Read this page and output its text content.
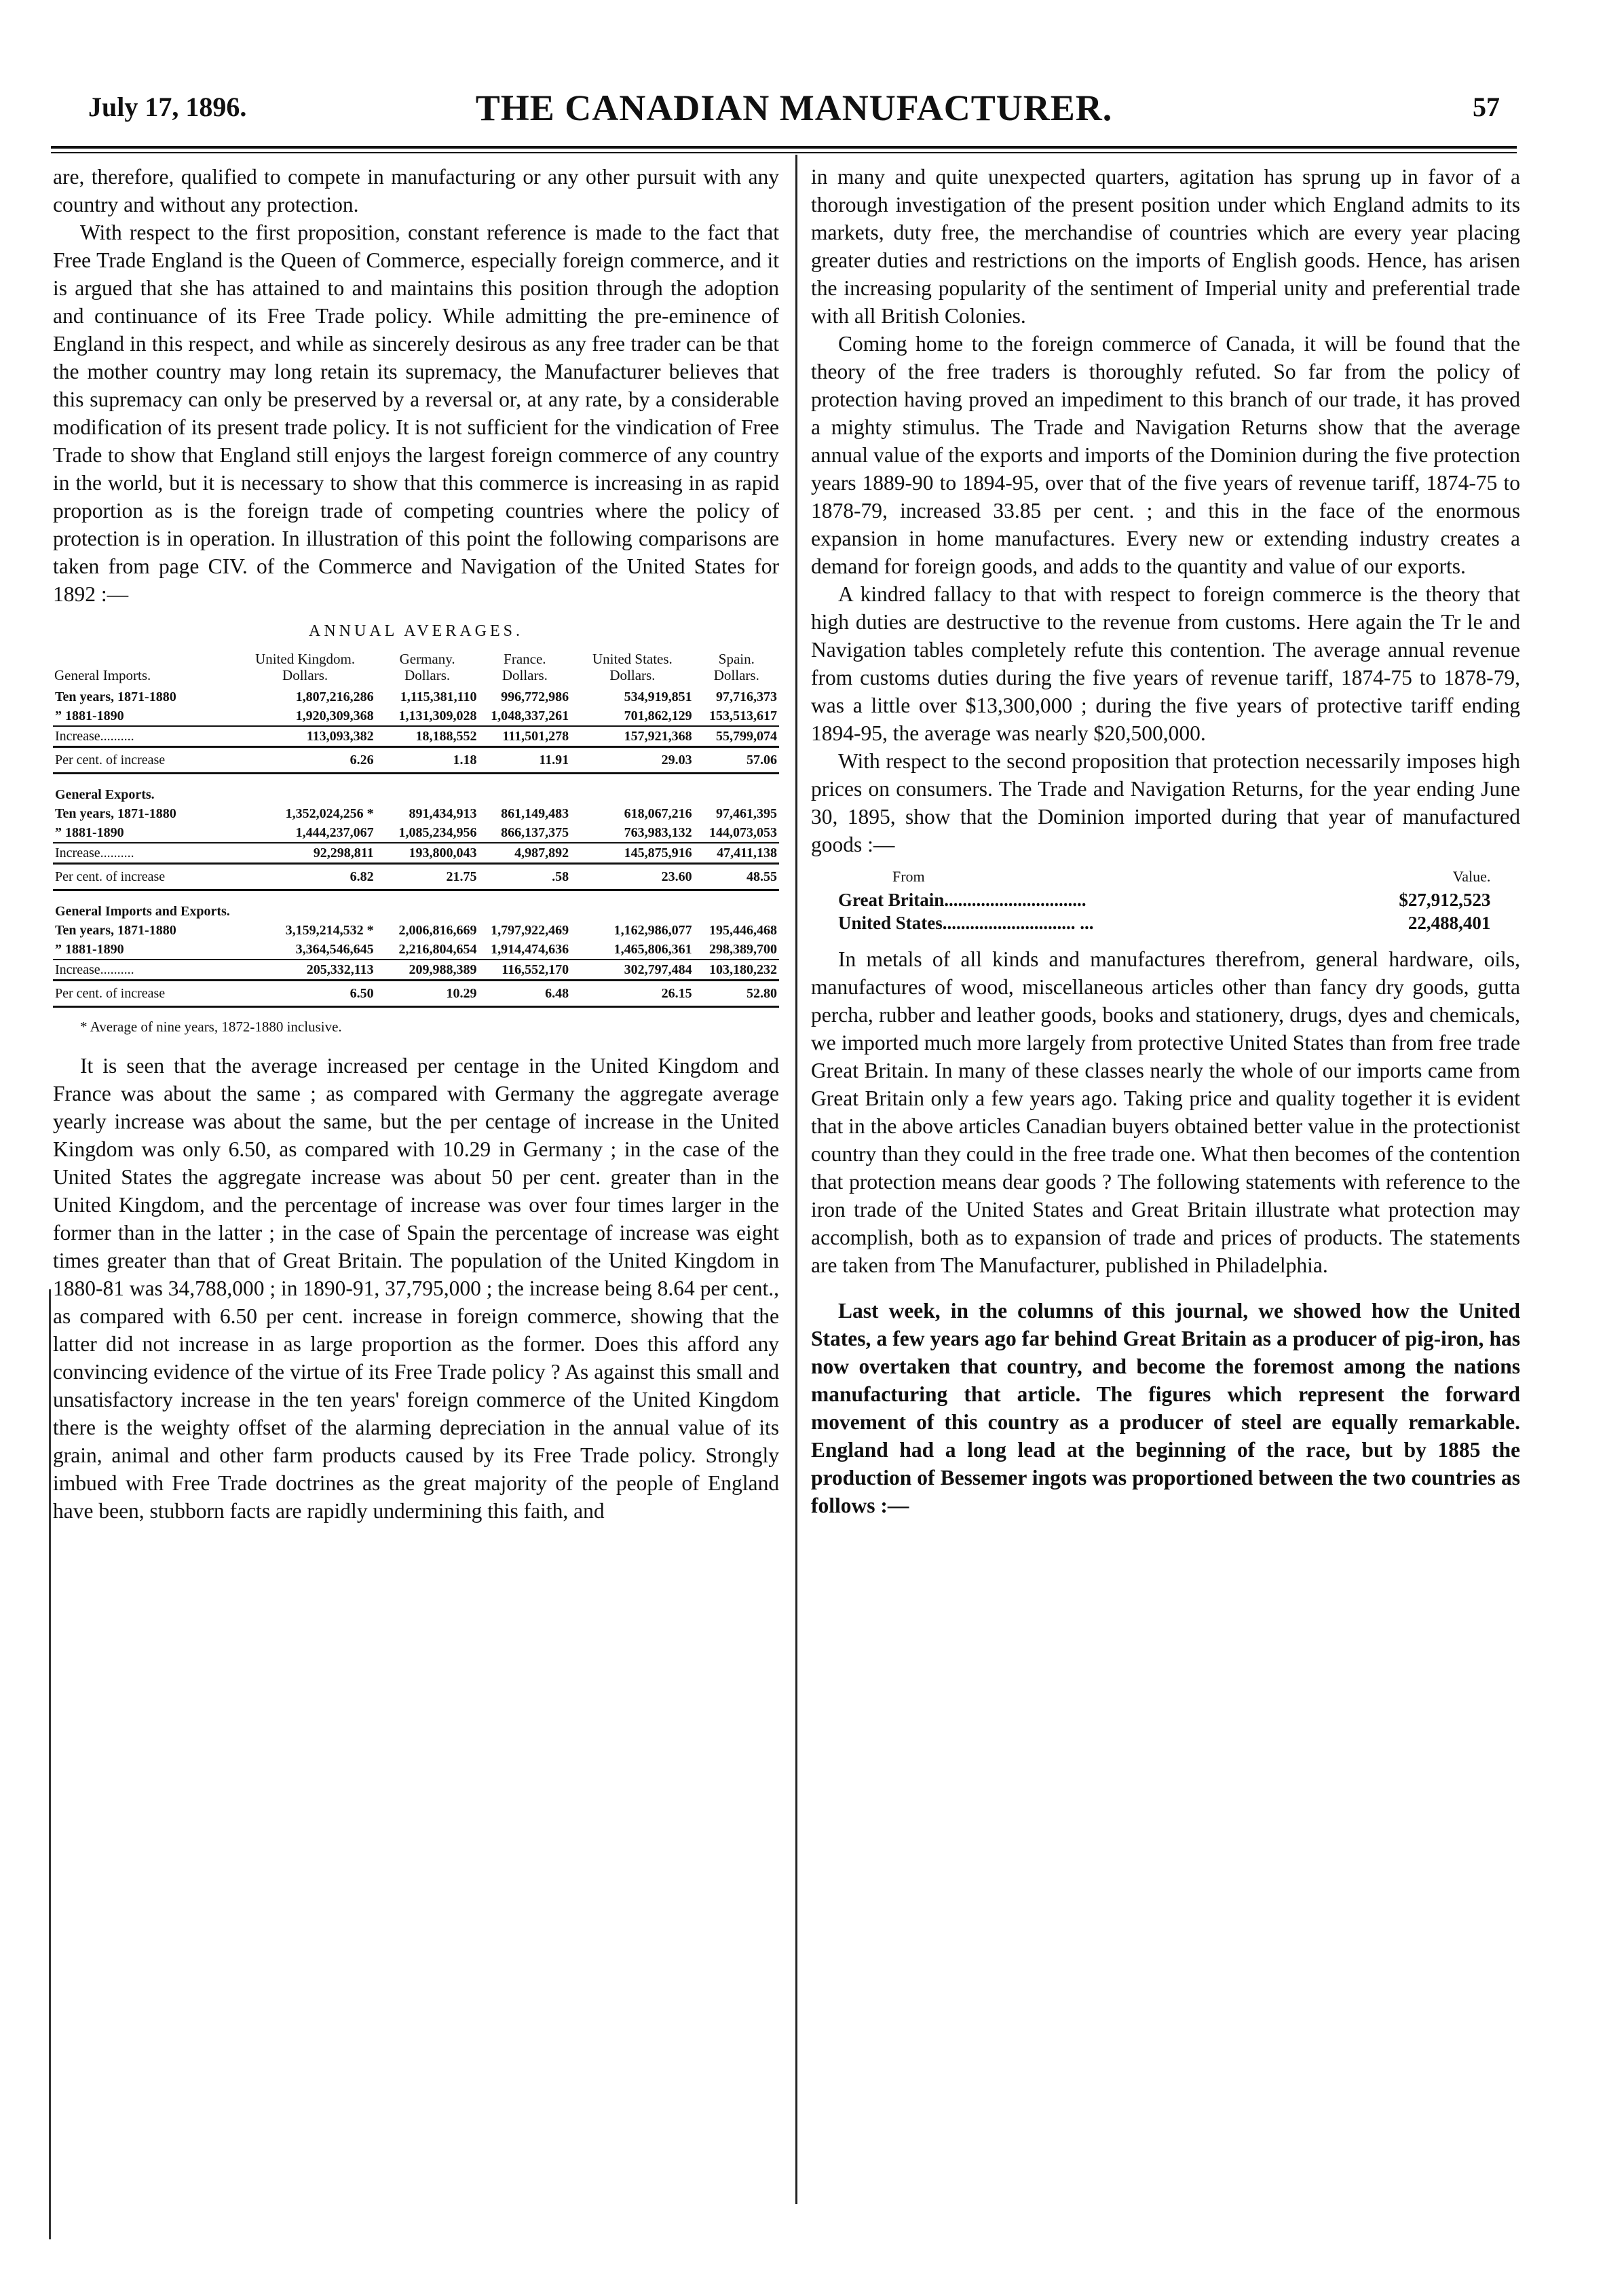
July 17, 1896.	THE CANADIAN MANUFACTURER.	57

are, therefore, qualified to compete in manufacturing or any other pursuit with any country and without any protection.

With respect to the first proposition, constant reference is made to the fact that Free Trade England is the Queen of Commerce, especially foreign commerce, and it is argued that she has attained to and maintains this position through the adoption and continuance of its Free Trade policy. While admitting the pre-eminence of England in this respect, and while as sincerely desirous as any free trader can be that the mother country may long retain its supremacy, the Manufacturer believes that this supremacy can only be preserved by a reversal or, at any rate, by a considerable modification of its present trade policy. It is not sufficient for the vindication of Free Trade to show that England still enjoys the largest foreign commerce of any country in the world, but it is necessary to show that this commerce is increasing in as rapid proportion as is the foreign trade of competing countries where the policy of protection is in operation. In illustration of this point the following comparisons are taken from page CIV. of the Commerce and Navigation of the United States for 1892 :—

ANNUAL AVERAGES.
General Imports.	United Kingdom. Dollars.	Germany. Dollars.	France. Dollars.	United States. Dollars.	Spain. Dollars.
Ten years, 1871-1880	1,807,216,286	1,115,381,110	996,772,986	534,919,851	97,716,373
” 1881-1890	1,920,309,368	1,131,309,028	1,048,337,261	701,862,129	153,513,617
Increase..........	113,093,382	18,188,552	111,501,278	157,921,368	55,799,074
Per cent. of increase	6.26	1.18	11.91	29.03	57.06
General Exports.					
Ten years, 1871-1880	1,352,024,256 *	891,434,913	861,149,483	618,067,216	97,461,395
” 1881-1890	1,444,237,067	1,085,234,956	866,137,375	763,983,132	144,073,053
Increase..........	92,298,811	193,800,043	4,987,892	145,875,916	47,411,138
Per cent. of increase	6.82	21.75	.58	23.60	48.55
General Imports and Exports.					
Ten years, 1871-1880	3,159,214,532 *	2,006,816,669	1,797,922,469	1,162,986,077	195,446,468
” 1881-1890	3,364,546,645	2,216,804,654	1,914,474,636	1,465,806,361	298,389,700
Increase..........	205,332,113	209,988,389	116,552,170	302,797,484	103,180,232
Per cent. of increase	6.50	10.29	6.48	26.15	52.80
* Average of nine years, 1872-1880 inclusive.

It is seen that the average increased per centage in the United Kingdom and France was about the same ; as compared with Germany the aggregate average yearly increase was about the same, but the per centage of increase in the United Kingdom was only 6.50, as compared with 10.29 in Germany ; in the case of the United States the aggregate increase was about 50 per cent. greater than in the United Kingdom, and the percentage of increase was over four times larger in the former than in the latter ; in the case of Spain the percentage of increase was eight times greater than that of Great Britain. The population of the United Kingdom in 1880-81 was 34,788,000 ; in 1890-91, 37,795,000 ; the increase being 8.64 per cent., as compared with 6.50 per cent. increase in foreign commerce, showing that the latter did not increase in as large proportion as the former. Does this afford any convincing evidence of the virtue of its Free Trade policy ? As against this small and unsatisfactory increase in the ten years' foreign commerce of the United Kingdom there is the weighty offset of the alarming depreciation in the annual value of its grain, animal and other farm products caused by its Free Trade policy. Strongly imbued with Free Trade doctrines as the great majority of the people of England have been, stubborn facts are rapidly undermining this faith, and

in many and quite unexpected quarters, agitation has sprung up in favor of a thorough investigation of the present position under which England admits to its markets, duty free, the merchandise of countries which are every year placing greater duties and restrictions on the imports of English goods. Hence, has arisen the increasing popularity of the sentiment of Imperial unity and preferential trade with all British Colonies.

Coming home to the foreign commerce of Canada, it will be found that the theory of the free traders is thoroughly refuted. So far from the policy of protection having proved an impediment to this branch of our trade, it has proved a mighty stimulus. The Trade and Navigation Returns show that the average annual value of the exports and imports of the Dominion during the five protection years 1889-90 to 1894-95, over that of the five years of revenue tariff, 1874-75 to 1878-79, increased 33.85 per cent. ; and this in the face of the enormous expansion in home manufactures. Every new or extending industry creates a demand for foreign goods, and adds to the quantity and value of our exports.

A kindred fallacy to that with respect to foreign commerce is the theory that high duties are destructive to the revenue from customs. Here again the Tr le and Navigation tables completely refute this contention. The average annual revenue from customs duties during the five years of revenue tariff, 1874-75 to 1878-79, was a little over $13,300,000 ; during the five years of protective tariff ending 1894-95, the average was nearly $20,500,000.

With respect to the second proposition that protection necessarily imposes high prices on consumers. The Trade and Navigation Returns, for the year ending June 30, 1895, show that the Dominion imported during that year of manufactured goods :—

From	Value.
Great Britain...............................	$27,912,523
United States............................. ...	22,488,401

In metals of all kinds and manufactures therefrom, general hardware, oils, manufactures of wood, miscellaneous articles other than fancy dry goods, gutta percha, rubber and leather goods, books and stationery, drugs, dyes and chemicals, we imported much more largely from protective United States than from free trade Great Britain. In many of these classes nearly the whole of our imports came from Great Britain only a few years ago. Taking price and quality together it is evident that in the above articles Canadian buyers obtained better value in the protectionist country than they could in the free trade one. What then becomes of the contention that protection means dear goods ? The following statements with reference to the iron trade of the United States and Great Britain illustrate what protection may accomplish, both as to expansion of trade and prices of products. The statements are taken from The Manufacturer, published in Philadelphia.

Last week, in the columns of this journal, we showed how the United States, a few years ago far behind Great Britain as a producer of pig-iron, has now overtaken that country, and become the foremost among the nations manufacturing that article. The figures which represent the forward movement of this country as a producer of steel are equally remarkable. England had a long lead at the beginning of the race, but by 1885 the production of Bessemer ingots was proportioned between the two countries as follows :—
